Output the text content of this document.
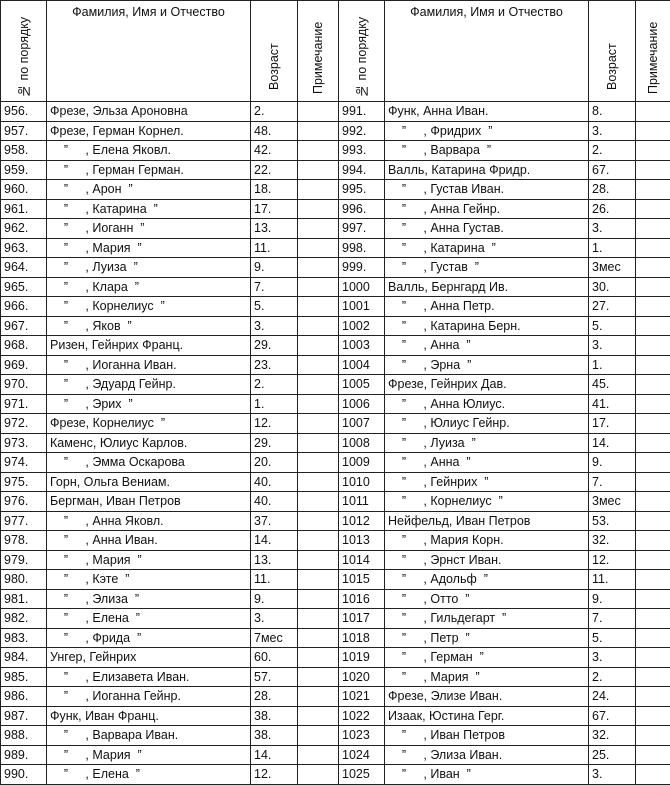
№ по порядку	Фамилия, Имя и Отчество	Возраст	Примечание	№ по порядку	Фамилия, Имя и Отчество	Возраст	Примечание

956.	Фрезе, Эльза Ароновна	2.		991.	Функ, Анна Иван.	8.	
957.	Фрезе, Герман Корнел.	48.		992.	”     , Фридрих  ”	3.	
958.	”     , Елена Яковл.	42.		993.	”     , Варвара  ”	2.	
959.	”     , Герман Герман.	22.		994.	Валль, Катарина Фридр.	67.	
960.	”     , Арон  ”	18.		995.	”     , Густав Иван.	28.	
961.	”     , Катарина  ”	17.		996.	”     , Анна Гейнр.	26.	
962.	”     , Иоганн  ”	13.		997.	”     , Анна Густав.	3.	
963.	”     , Мария  ”	11.		998.	”     , Катарина  ”	1.	
964.	”     , Луиза  ”	9.		999.	”     , Густав  ”	3мес	
965.	”     , Клара  ”	7.		1000	Валль, Бернгард Ив.	30.	
966.	”     , Корнелиус  ”	5.		1001	”     , Анна Петр.	27.	
967.	”     , Яков  ”	3.		1002	”     , Катарина Берн.	5.	
968.	Ризен, Гейнрих Франц.	29.		1003	”     , Анна  ”	3.	
969.	”     , Иоганна Иван.	23.		1004	”     , Эрна  ”	1.	
970.	”     , Эдуард Гейнр.	2.		1005	Фрезе, Гейнрих Дав.	45.	
971.	”     , Эрих  ”	1.		1006	”     , Анна Юлиус.	41.	
972.	Фрезе, Корнелиус  ”	12.		1007	”     , Юлиус Гейнр.	17.	
973.	Каменс, Юлиус Карлов.	29.		1008	”     , Луиза  ”	14.	
974.	”     , Эмма Оскарова	20.		1009	”     , Анна  ”	9.	
975.	Горн, Ольга Вениам.	40.		1010	”     , Гейнрих  ”	7.	
976.	Бергман, Иван Петров	40.		1011	”     , Корнелиус  ”	3мес	
977.	”     , Анна Яковл.	37.		1012	Нейфельд, Иван Петров	53.	
978.	”     , Анна Иван.	14.		1013	”     , Мария Корн.	32.	
979.	”     , Мария  ”	13.		1014	”     , Эрнст Иван.	12.	
980.	”     , Кэте  ”	11.		1015	”     , Адольф  ”	11.	
981.	”     , Элиза  ”	9.		1016	”     , Отто  ”	9.	
982.	”     , Елена  ”	3.		1017	”     , Гильдегарт  ”	7.	
983.	”     , Фрида  ”	7мес		1018	”     , Петр  ”	5.	
984.	Унгер, Гейнрих	60.		1019	”     , Герман  ”	3.	
985.	”     , Елизавета Иван.	57.		1020	”     , Мария  ”	2.	
986.	”     , Иоганна Гейнр.	28.		1021	Фрезе, Элизе Иван.	24.	
987.	Функ, Иван Франц.	38.		1022	Изаак, Юстина Герг.	67.	
988.	”     , Варвара Иван.	38.		1023	”     , Иван Петров	32.	
989.	”     , Мария  ”	14.		1024	”     , Элиза Иван.	25.	
990.	”     , Елена  ”	12.		1025	”     , Иван  ”	3.	
